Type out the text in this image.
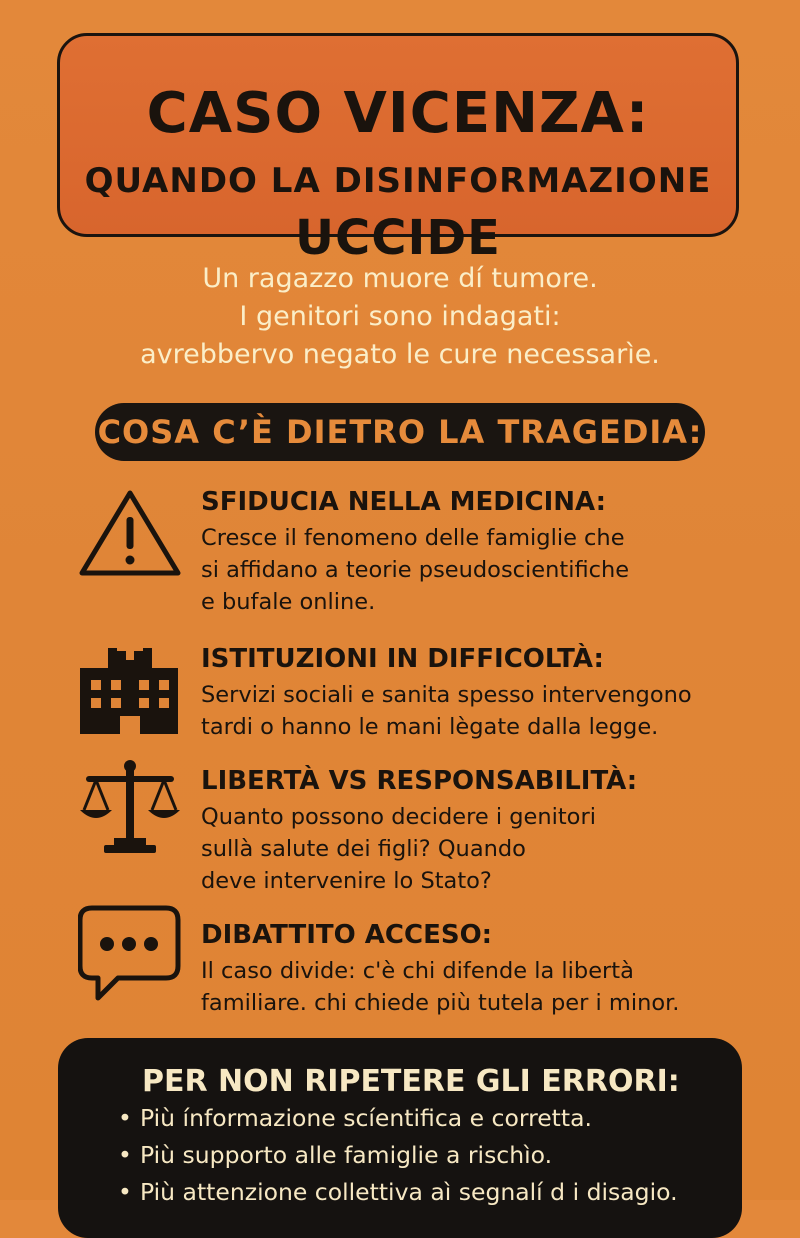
CASO VICENZA:
QUANDO LA DISINFORMAZIONE
UCCIDE
Un ragazzo muore dí tumore.
I genitori sono indagati:
avrebbervo negato le cure necessarìe.
COSA C’È DIETRO LA TRAGEDIA:
SFIDUCIA NELLA MEDICINA:
Cresce il fenomeno delle famiglie che
si affidano a teorie pseudoscientifiche
e bufale online.
ISTITUZIONI IN DIFFICOLTÀ:
Servizi sociali e sanita spesso intervengono
tardi o hanno le mani lègate dalla legge.
LIBERTÀ VS RESPONSABILITÀ:
Quanto possono decidere i genitori
sullà salute dei figli? Quando
deve intervenire lo Stato?
DIBATTITO ACCESO:
Il caso divide: c'è chi difende la libertà
familiare. chi chiede più tutela per i minor.
PER NON RIPETERE GLI ERRORI:
• Più ínformazione scíentifica e corretta.
• Più supporto alle famiglie a rischìo.
• Più attenzione collettiva aì segnalí d i disagio.
